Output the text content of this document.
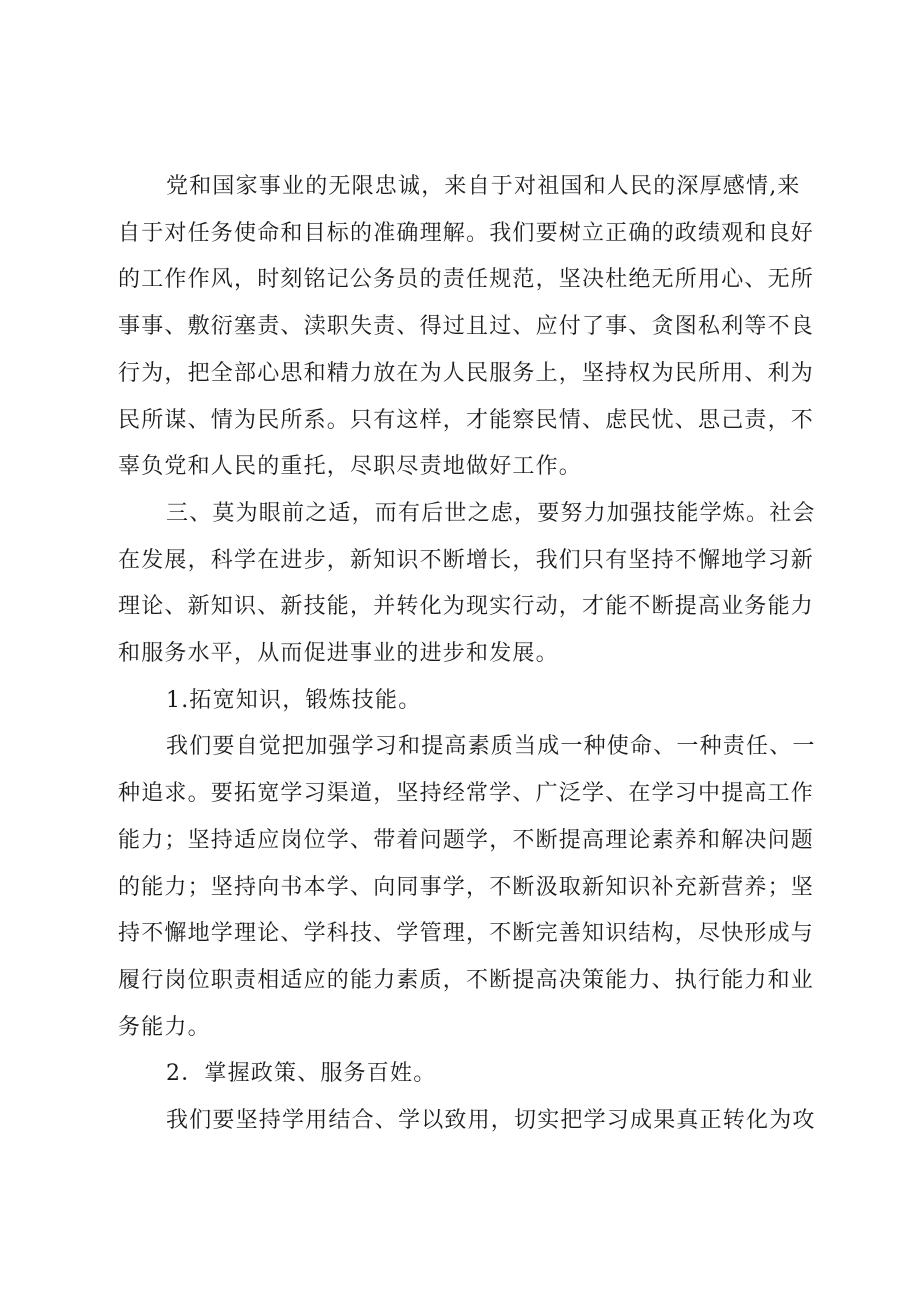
党和国家事业的无限忠诚，来自于对祖国和人民的深厚感情,来
自于对任务使命和目标的准确理解。我们要树立正确的政绩观和良好
的工作作风，时刻铭记公务员的责任规范，坚决杜绝无所用心、无所
事事、敷衍塞责、渎职失责、得过且过、应付了事、贪图私利等不良
行为，把全部心思和精力放在为人民服务上，坚持权为民所用、利为
民所谋、情为民所系。只有这样，才能察民情、虑民忧、思己责，不
辜负党和人民的重托，尽职尽责地做好工作。
三、莫为眼前之适，而有后世之虑，要努力加强技能学炼。社会
在发展，科学在进步，新知识不断增长，我们只有坚持不懈地学习新
理论、新知识、新技能，并转化为现实行动，才能不断提高业务能力
和服务水平，从而促进事业的进步和发展。
1.拓宽知识，锻炼技能。
我们要自觉把加强学习和提高素质当成一种使命、一种责任、一
种追求。要拓宽学习渠道，坚持经常学、广泛学、在学习中提高工作
能力；坚持适应岗位学、带着问题学，不断提高理论素养和解决问题
的能力；坚持向书本学、向同事学，不断汲取新知识补充新营养；坚
持不懈地学理论、学科技、学管理，不断完善知识结构，尽快形成与
履行岗位职责相适应的能力素质，不断提高决策能力、执行能力和业
务能力。
2．掌握政策、服务百姓。
我们要坚持学用结合、学以致用，切实把学习成果真正转化为攻
